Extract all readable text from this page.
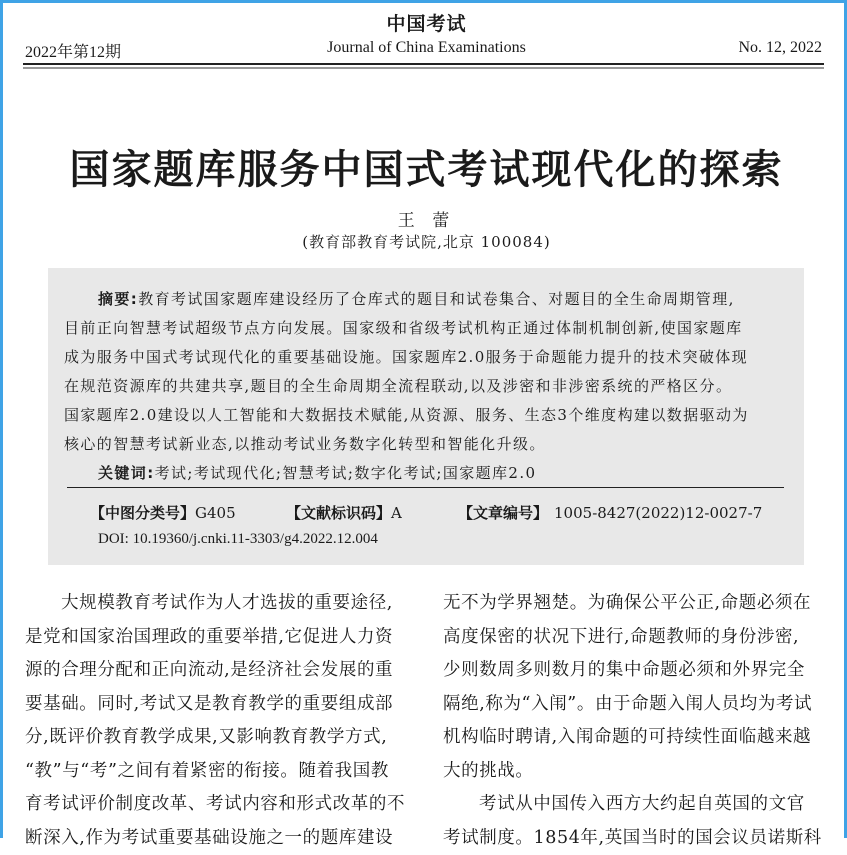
中国考试
2022年第12期	Journal of China Examinations	No. 12, 2022
国家题库服务中国式考试现代化的探索
王 蕾
(教育部教育考试院,北京 100084)
摘要:教育考试国家题库建设经历了仓库式的题目和试卷集合、对题目的全生命周期管理,
目前正向智慧考试超级节点方向发展。国家级和省级考试机构正通过体制机制创新,使国家题库
成为服务中国式考试现代化的重要基础设施。国家题库2.0服务于命题能力提升的技术突破体现
在规范资源库的共建共享,题目的全生命周期全流程联动,以及涉密和非涉密系统的严格区分。
国家题库2.0建设以人工智能和大数据技术赋能,从资源、服务、生态3个维度构建以数据驱动为
核心的智慧考试新业态,以推动考试业务数字化转型和智能化升级。
关键词:考试;考试现代化;智慧考试;数字化考试;国家题库2.0
【中图分类号】G405	【文献标识码】A	【文章编号】 1005-8427(2022)12-0027-7
DOI: 10.19360/j.cnki.11-3303/g4.2022.12.004
大规模教育考试作为人才选拔的重要途径,
是党和国家治国理政的重要举措,它促进人力资
源的合理分配和正向流动,是经济社会发展的重
要基础。同时,考试又是教育教学的重要组成部
分,既评价教育教学成果,又影响教育教学方式,
“教”与“考”之间有着紧密的衔接。随着我国教
育考试评价制度改革、考试内容和形式改革的不
断深入,作为考试重要基础设施之一的题库建设
无不为学界翘楚。为确保公平公正,命题必须在
高度保密的状况下进行,命题教师的身份涉密,
少则数周多则数月的集中命题必须和外界完全
隔绝,称为“入闱”。由于命题入闱人员均为考试
机构临时聘请,入闱命题的可持续性面临越来越
大的挑战。
考试从中国传入西方大约起自英国的文官
考试制度。1854年,英国当时的国会议员诺斯科
